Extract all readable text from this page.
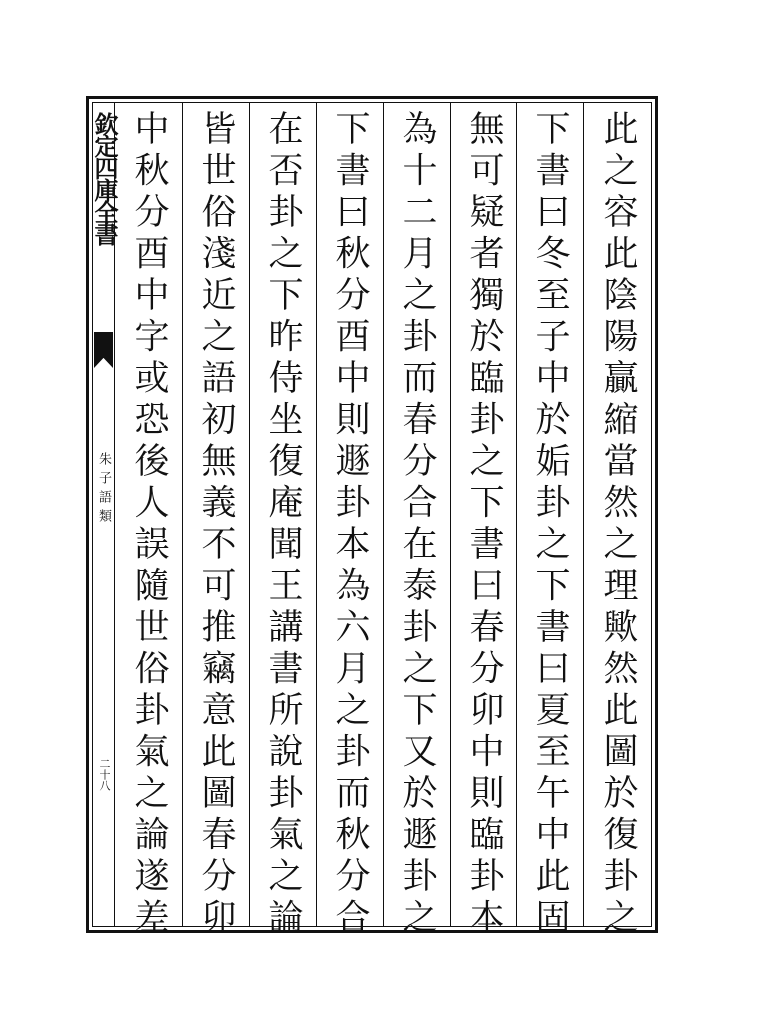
欽定四庫全書
朱子語類
二十八	此之容此陰陽贏縮當然之理歟然此圖於復卦之
下書曰冬至子中於姤卦之下書曰夏至午中此固
無可疑者獨於臨卦之下書曰春分卯中則臨卦本
為十二月之卦而春分合在泰卦之下又於遯卦之
下書曰秋分酉中則遯卦本為六月之卦而秋分合
在否卦之下昨侍坐復庵聞王講書所說卦氣之論
皆世俗淺近之語初無義不可推竊意此圖春分卯
中秋分酉中字或恐後人誤隨世俗卦氣之論遂差
